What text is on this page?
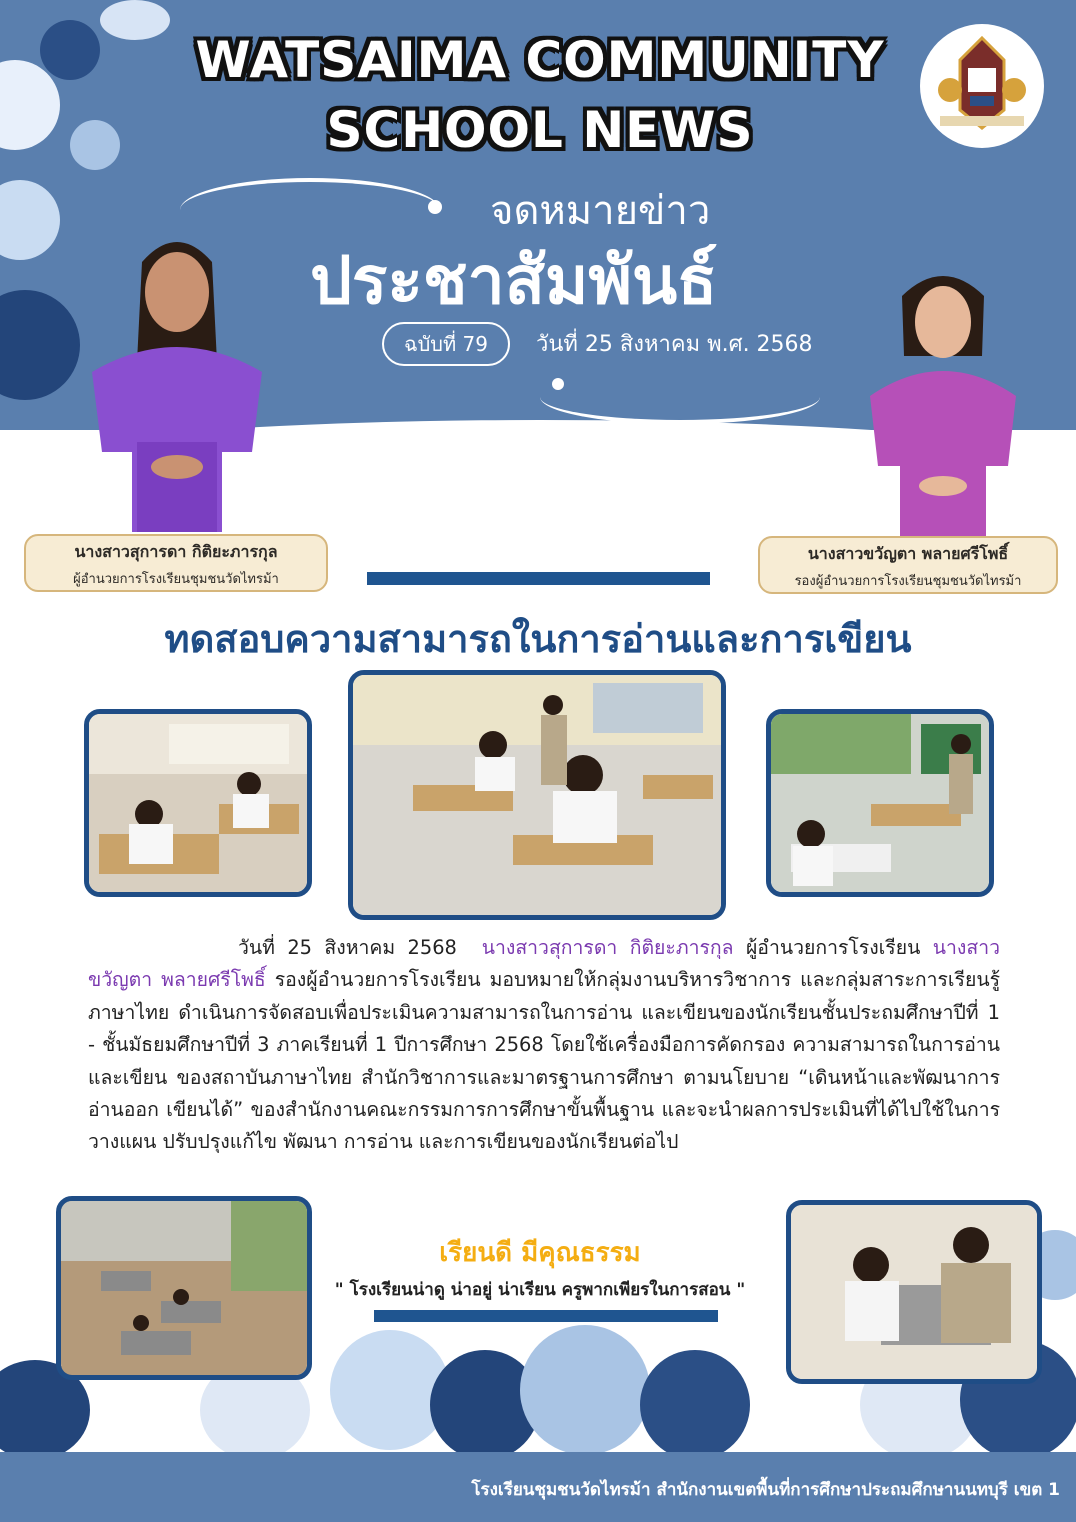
WATSAIMA COMMUNITY
SCHOOL NEWS
จดหมายข่าว
ประชาสัมพันธ์
ฉบับที่ 79	วันที่ 25 สิงหาคม พ.ศ. 2568
นางสาวสุการดา กิติยะภารกุล
ผู้อำนวยการโรงเรียนชุมชนวัดไทรม้า
นางสาวขวัญตา พลายศรีโพธิ์
รองผู้อำนวยการโรงเรียนชุมชนวัดไทรม้า
ทดสอบความสามารถในการอ่านและการเขียน
วันที่ 25 สิงหาคม 2568 นางสาวสุการดา กิติยะภารกุล ผู้อำนวยการโรงเรียน นางสาวขวัญตา พลายศรีโพธิ์ รองผู้อำนวยการโรงเรียน มอบหมายให้กลุ่มงานบริหารวิชาการ และกลุ่มสาระการเรียนรู้ภาษาไทย ดำเนินการจัดสอบเพื่อประเมินความสามารถในการอ่าน และเขียนของนักเรียนชั้นประถมศึกษาปีที่ 1 - ชั้นมัธยมศึกษาปีที่ 3 ภาคเรียนที่ 1 ปีการศึกษา 2568 โดยใช้เครื่องมือการคัดกรอง ความสามารถในการอ่านและเขียน ของสถาบันภาษาไทย สำนักวิชาการและมาตรฐานการศึกษา ตามนโยบาย “เดินหน้าและพัฒนาการอ่านออก เขียนได้” ของสำนักงานคณะกรรมการการศึกษาขั้นพื้นฐาน และจะนำผลการประเมินที่ได้ไปใช้ในการวางแผน ปรับปรุงแก้ไข พัฒนา การอ่าน และการเขียนของนักเรียนต่อไป
เรียนดี มีคุณธรรม
" โรงเรียนน่าดู น่าอยู่ น่าเรียน ครูพากเพียรในการสอน "
โรงเรียนชุมชนวัดไทรม้า สำนักงานเขตพื้นที่การศึกษาประถมศึกษานนทบุรี เขต 1
